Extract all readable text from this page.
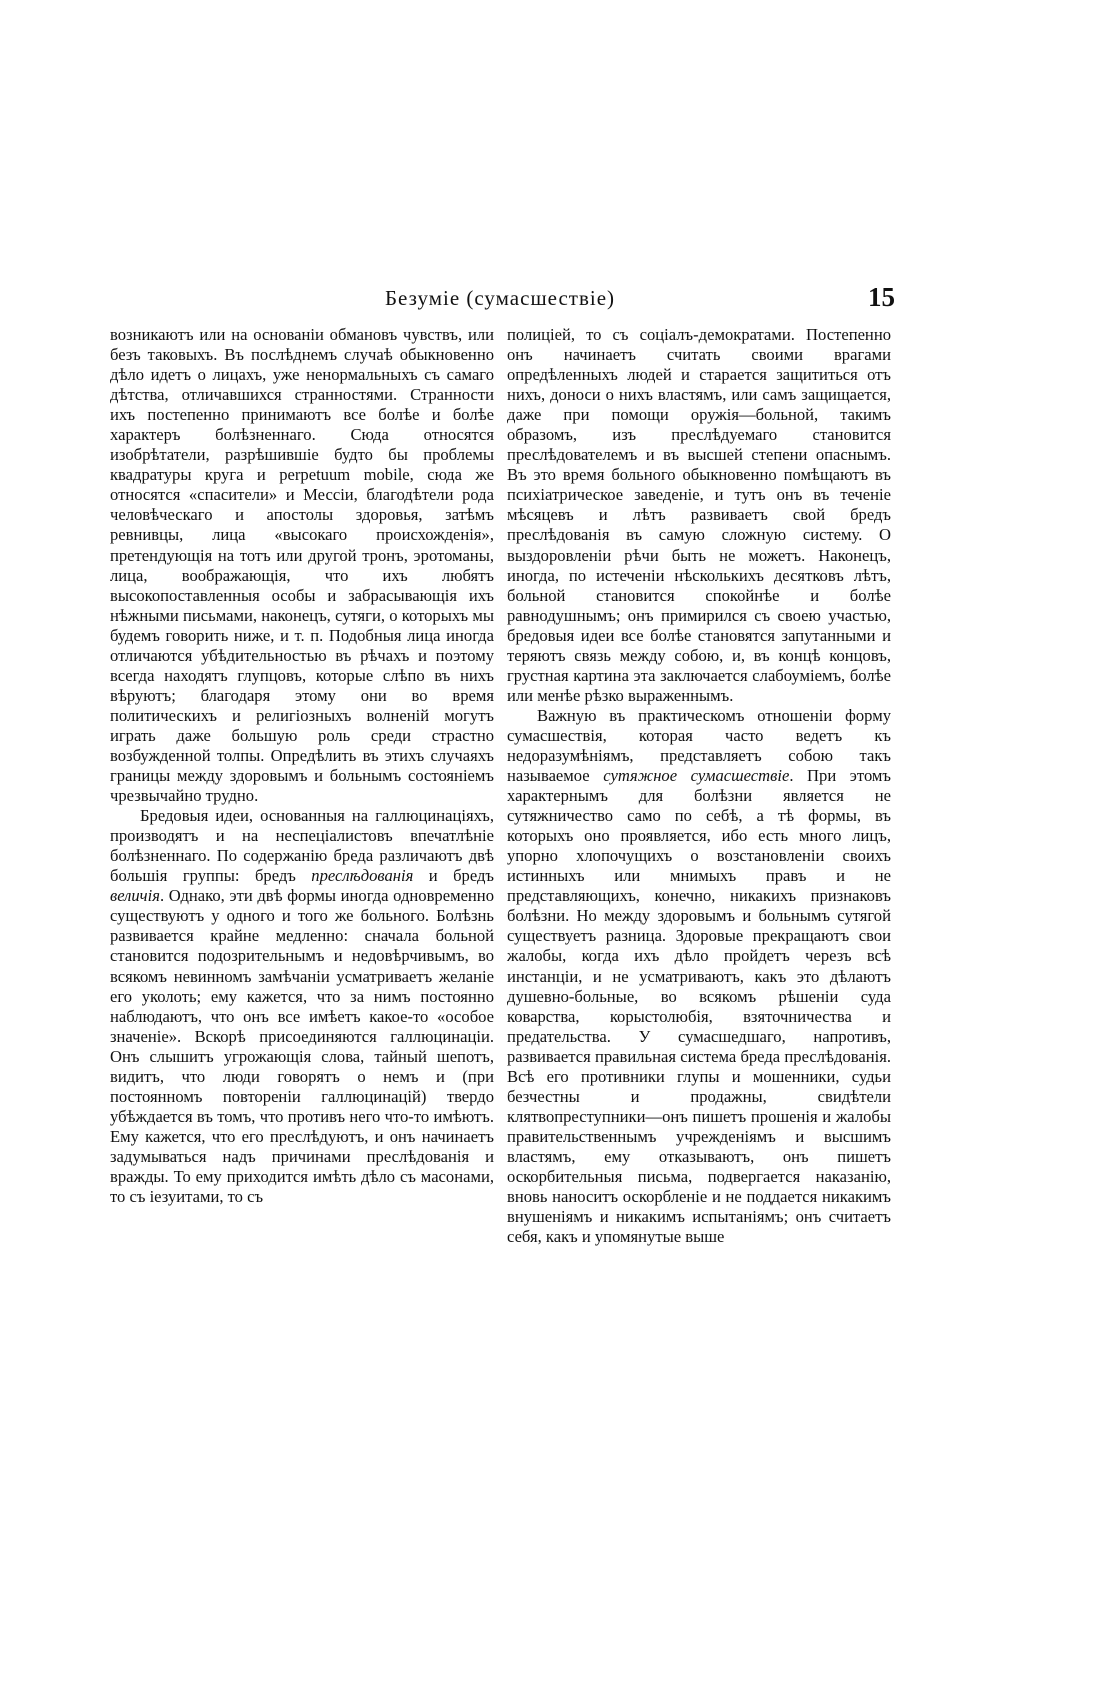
Безуміе (сумасшествіе)	15

возникаютъ или на основаніи обмановъ чувствъ, или безъ таковыхъ. Въ послѣднемъ случаѣ обыкновенно дѣло идетъ о лицахъ, уже ненормальныхъ съ самаго дѣтства, отличавшихся странностями. Странности ихъ постепенно принимаютъ все болѣе и болѣе характеръ болѣзненнаго. Сюда относятся изобрѣтатели, разрѣшившіе будто бы проблемы квадратуры круга и perpetuum mobile, сюда же относятся «спасители» и Мессіи, благодѣтели рода человѣческаго и апостолы здоровья, затѣмъ ревнивцы, лица «высокаго происхожденія», претендующія на тотъ или другой тронъ, эротоманы, лица, воображающія, что ихъ любятъ высокопоставленныя особы и забрасывающія ихъ нѣжными письмами, наконецъ, сутяги, о которыхъ мы будемъ говорить ниже, и т. п. Подобныя лица иногда отличаются убѣдительностью въ рѣчахъ и поэтому всегда находятъ глупцовъ, которые слѣпо въ нихъ вѣруютъ; благодаря этому они во время политическихъ и религіозныхъ волненій могутъ играть даже большую роль среди страстно возбужденной толпы. Опредѣлить въ этихъ случаяхъ границы между здоровымъ и больнымъ состояніемъ чрезвычайно трудно.

Бредовыя идеи, основанныя на галлюцинаціяхъ, производятъ и на неспеціалистовъ впечатлѣніе болѣзненнаго. По содержанію бреда различаютъ двѣ большія группы: бредъ преслѣдованія и бредъ величія. Однако, эти двѣ формы иногда одновременно существуютъ у одного и того же больного. Болѣзнь развивается крайне медленно: сначала больной становится подозрительнымъ и недовѣрчивымъ, во всякомъ невинномъ замѣчаніи усматриваетъ желаніе его уколоть; ему кажется, что за нимъ постоянно наблюдаютъ, что онъ все имѣетъ какое-то «особое значеніе». Вскорѣ присоединяются галлюцинаціи. Онъ слышитъ угрожающія слова, тайный шепотъ, видитъ, что люди говорятъ о немъ и (при постоянномъ повтореніи галлюцинацій) твердо убѣждается въ томъ, что противъ него что-то имѣютъ. Ему кажется, что его преслѣдуютъ, и онъ начинаетъ задумываться надъ причинами преслѣдованія и вражды. То ему приходится имѣть дѣло съ масонами, то съ іезуитами, то съ

полиціей, то съ соціалъ-демократами. Постепенно онъ начинаетъ считать своими врагами опредѣленныхъ людей и старается защититься отъ нихъ, доноси о нихъ властямъ, или самъ защищается, даже при помощи оружія—больной, такимъ образомъ, изъ преслѣдуемаго становится преслѣдователемъ и въ высшей степени опаснымъ. Въ это время больного обыкновенно помѣщаютъ въ психіатрическое заведеніе, и тутъ онъ въ теченіе мѣсяцевъ и лѣтъ развиваетъ свой бредъ преслѣдованія въ самую сложную систему. О выздоровленіи рѣчи быть не можетъ. Наконецъ, иногда, по истеченіи нѣсколькихъ десятковъ лѣтъ, больной становится спокойнѣе и болѣе равнодушнымъ; онъ примирился съ своею участью, бредовыя идеи все болѣе становятся запутанными и теряютъ связь между собою, и, въ концѣ концовъ, грустная картина эта заключается слабоуміемъ, болѣе или менѣе рѣзко выраженнымъ.

Важную въ практическомъ отношеніи форму сумасшествія, которая часто ведетъ къ недоразумѣніямъ, представляетъ собою такъ называемое сутяжное сумасшествіе. При этомъ характернымъ для болѣзни является не сутяжничество само по себѣ, а тѣ формы, въ которыхъ оно проявляется, ибо есть много лицъ, упорно хлопочущихъ о возстановленіи своихъ истинныхъ или мнимыхъ правъ и не представляющихъ, конечно, никакихъ признаковъ болѣзни. Но между здоровымъ и больнымъ сутягой существуетъ разница. Здоровые прекращаютъ свои жалобы, когда ихъ дѣло пройдетъ черезъ всѣ инстанціи, и не усматриваютъ, какъ это дѣлаютъ душевно-больные, во всякомъ рѣшеніи суда коварства, корыстолюбія, взяточничества и предательства. У сумасшедшаго, напротивъ, развивается правильная система бреда преслѣдованія. Всѣ его противники глупы и мошенники, судьи безчестны и продажны, свидѣтели клятвопреступники—онъ пишетъ прошенія и жалобы правительственнымъ учрежденіямъ и высшимъ властямъ, ему отказываютъ, онъ пишетъ оскорбительныя письма, подвергается наказанію, вновь наноситъ оскорбленіе и не поддается никакимъ внушеніямъ и никакимъ испытаніямъ; онъ считаетъ себя, какъ и упомянутые выше
